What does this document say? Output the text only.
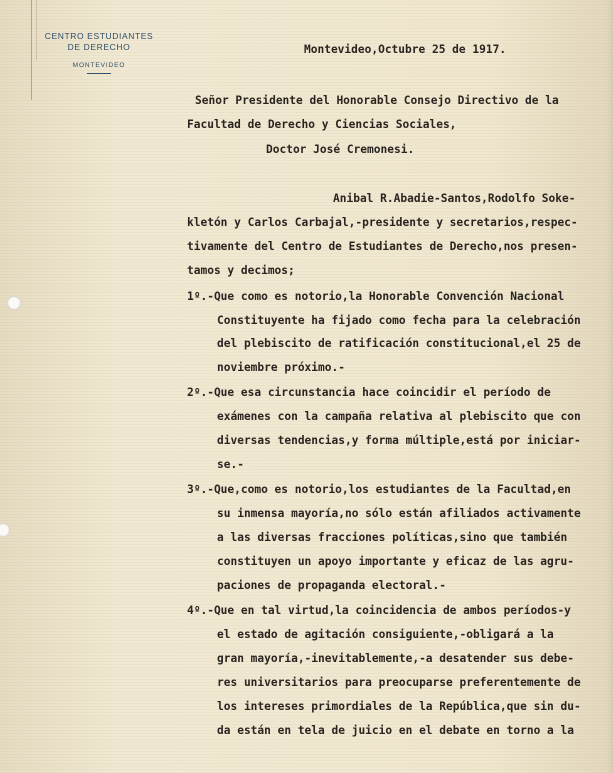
CENTRO ESTUDIANTES
DE DERECHO
MONTEVIDEO
Montevideo,Octubre 25 de 1917.
Señor Presidente del Honorable Consejo Directivo de la
Facultad de Derecho y Ciencias Sociales,
Doctor José Cremonesi.
Anibal R.Abadie-Santos,Rodolfo Soke-
kletón y Carlos Carbajal,-presidente y secretarios,respec-
tivamente del Centro de Estudiantes de Derecho,nos presen-
tamos y decimos;
1º.-Que como es notorio,la Honorable Convención Nacional
Constituyente ha fijado como fecha para la celebración
del plebiscito de ratificación constitucional,el 25 de
noviembre próximo.-
2º.-Que esa circunstancia hace coincidir el período de
exámenes con la campaña relativa al plebiscito que con
diversas tendencias,y forma múltiple,está por iniciar-
se.-
3º.-Que,como es notorio,los estudiantes de la Facultad,en
su inmensa mayoría,no sólo están afiliados activamente
a las diversas fracciones políticas,sino que también
constituyen un apoyo importante y eficaz de las agru-
paciones de propaganda electoral.-
4º.-Que en tal virtud,la coincidencia de ambos períodos-y
el estado de agitación consiguiente,-obligará a la
gran mayoría,-inevitablemente,-a desatender sus debe-
res universitarios para preocuparse preferentemente de
los intereses primordiales de la República,que sin du-
da están en tela de juicio en el debate en torno a la
